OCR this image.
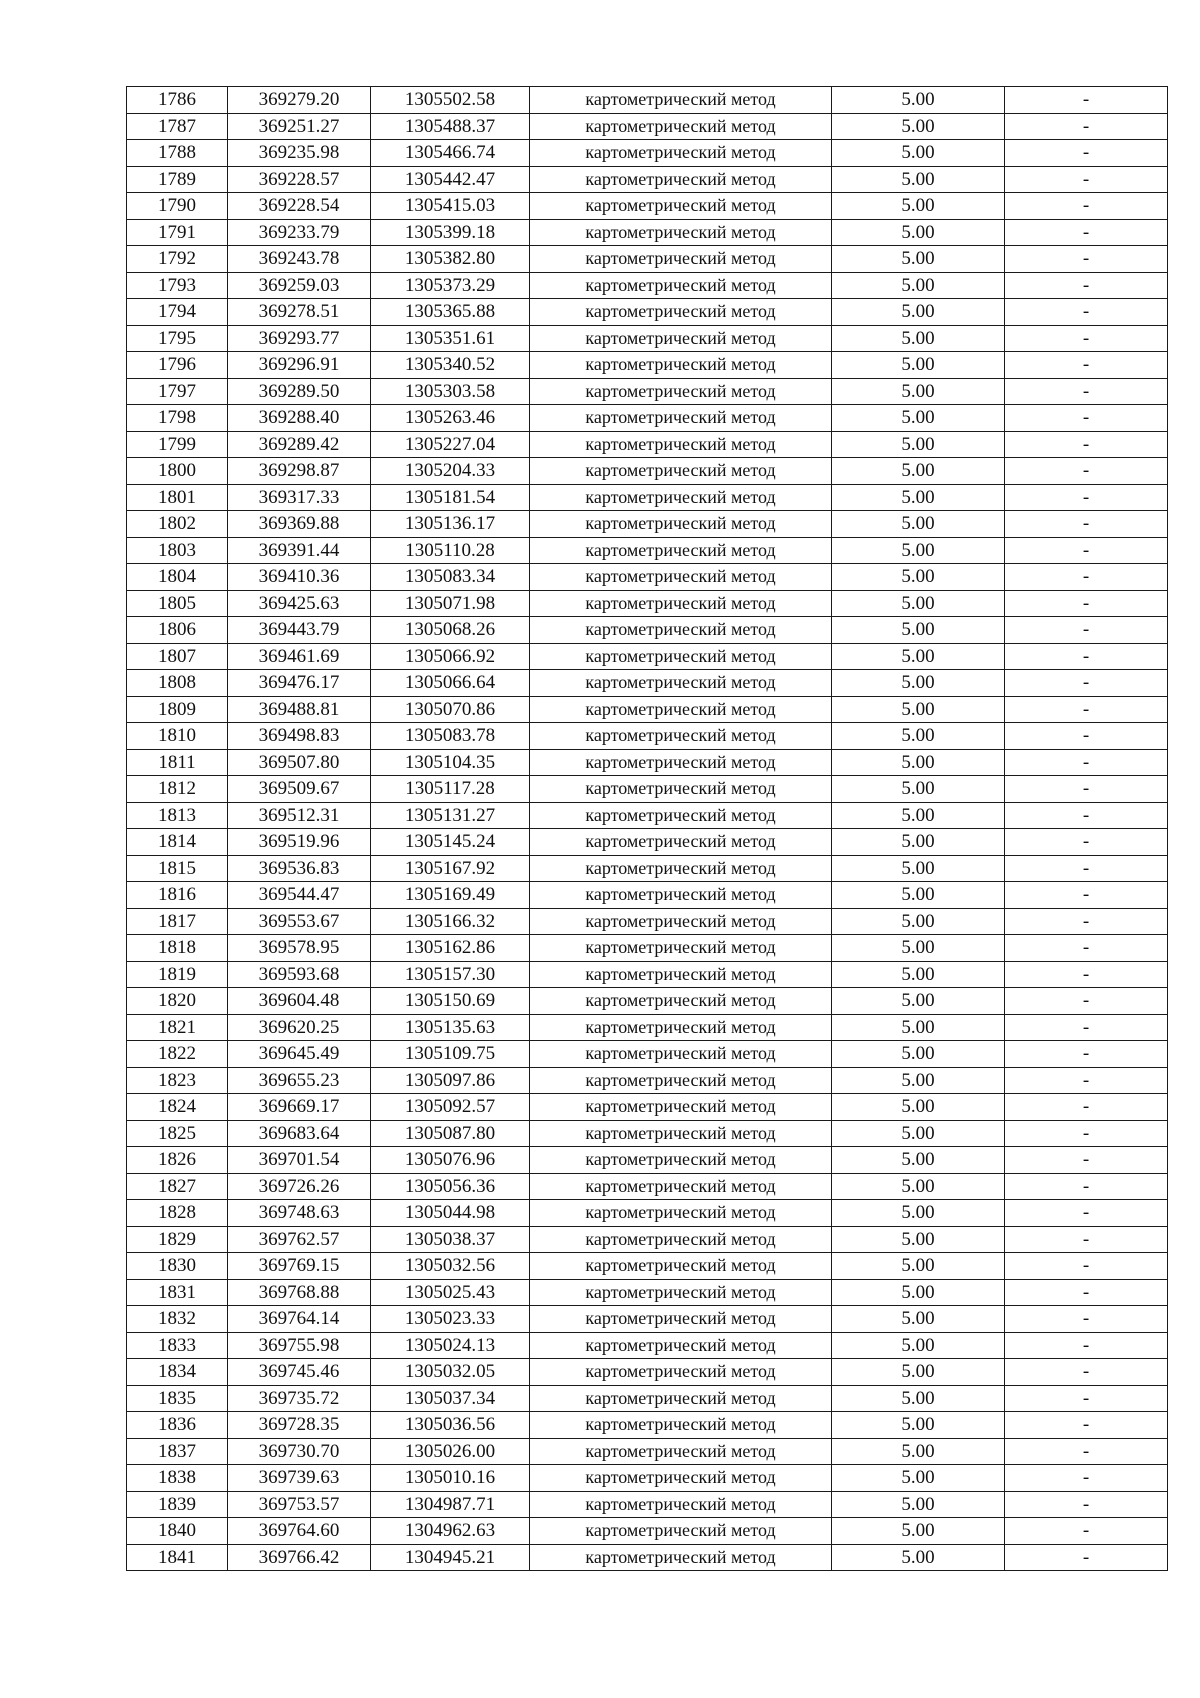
1786	369279.20	1305502.58	картометрический метод	5.00	-
1787	369251.27	1305488.37	картометрический метод	5.00	-
1788	369235.98	1305466.74	картометрический метод	5.00	-
1789	369228.57	1305442.47	картометрический метод	5.00	-
1790	369228.54	1305415.03	картометрический метод	5.00	-
1791	369233.79	1305399.18	картометрический метод	5.00	-
1792	369243.78	1305382.80	картометрический метод	5.00	-
1793	369259.03	1305373.29	картометрический метод	5.00	-
1794	369278.51	1305365.88	картометрический метод	5.00	-
1795	369293.77	1305351.61	картометрический метод	5.00	-
1796	369296.91	1305340.52	картометрический метод	5.00	-
1797	369289.50	1305303.58	картометрический метод	5.00	-
1798	369288.40	1305263.46	картометрический метод	5.00	-
1799	369289.42	1305227.04	картометрический метод	5.00	-
1800	369298.87	1305204.33	картометрический метод	5.00	-
1801	369317.33	1305181.54	картометрический метод	5.00	-
1802	369369.88	1305136.17	картометрический метод	5.00	-
1803	369391.44	1305110.28	картометрический метод	5.00	-
1804	369410.36	1305083.34	картометрический метод	5.00	-
1805	369425.63	1305071.98	картометрический метод	5.00	-
1806	369443.79	1305068.26	картометрический метод	5.00	-
1807	369461.69	1305066.92	картометрический метод	5.00	-
1808	369476.17	1305066.64	картометрический метод	5.00	-
1809	369488.81	1305070.86	картометрический метод	5.00	-
1810	369498.83	1305083.78	картометрический метод	5.00	-
1811	369507.80	1305104.35	картометрический метод	5.00	-
1812	369509.67	1305117.28	картометрический метод	5.00	-
1813	369512.31	1305131.27	картометрический метод	5.00	-
1814	369519.96	1305145.24	картометрический метод	5.00	-
1815	369536.83	1305167.92	картометрический метод	5.00	-
1816	369544.47	1305169.49	картометрический метод	5.00	-
1817	369553.67	1305166.32	картометрический метод	5.00	-
1818	369578.95	1305162.86	картометрический метод	5.00	-
1819	369593.68	1305157.30	картометрический метод	5.00	-
1820	369604.48	1305150.69	картометрический метод	5.00	-
1821	369620.25	1305135.63	картометрический метод	5.00	-
1822	369645.49	1305109.75	картометрический метод	5.00	-
1823	369655.23	1305097.86	картометрический метод	5.00	-
1824	369669.17	1305092.57	картометрический метод	5.00	-
1825	369683.64	1305087.80	картометрический метод	5.00	-
1826	369701.54	1305076.96	картометрический метод	5.00	-
1827	369726.26	1305056.36	картометрический метод	5.00	-
1828	369748.63	1305044.98	картометрический метод	5.00	-
1829	369762.57	1305038.37	картометрический метод	5.00	-
1830	369769.15	1305032.56	картометрический метод	5.00	-
1831	369768.88	1305025.43	картометрический метод	5.00	-
1832	369764.14	1305023.33	картометрический метод	5.00	-
1833	369755.98	1305024.13	картометрический метод	5.00	-
1834	369745.46	1305032.05	картометрический метод	5.00	-
1835	369735.72	1305037.34	картометрический метод	5.00	-
1836	369728.35	1305036.56	картометрический метод	5.00	-
1837	369730.70	1305026.00	картометрический метод	5.00	-
1838	369739.63	1305010.16	картометрический метод	5.00	-
1839	369753.57	1304987.71	картометрический метод	5.00	-
1840	369764.60	1304962.63	картометрический метод	5.00	-
1841	369766.42	1304945.21	картометрический метод	5.00	-
